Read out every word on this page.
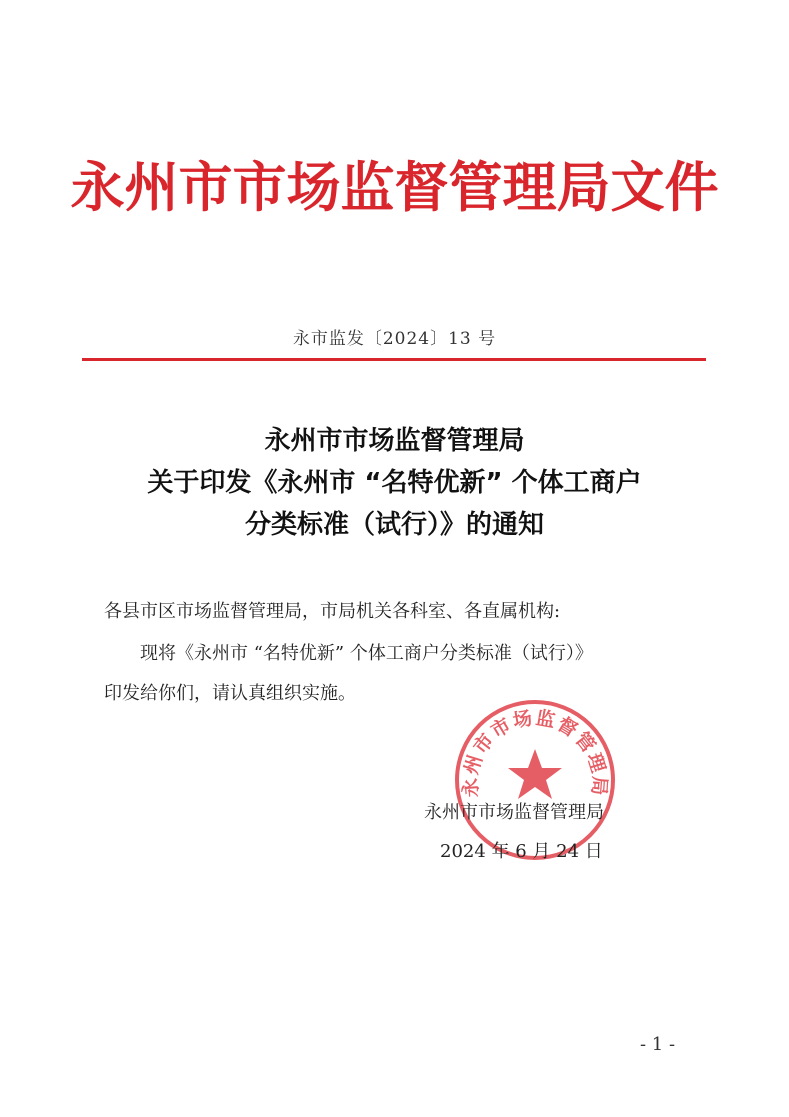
永州市市场监督管理局文件
永市监发〔2024〕13 号
永州市市场监督管理局
关于印发《永州市 “名特优新” 个体工商户
分类标准（试行）》的通知
各县市区市场监督管理局，市局机关各科室、各直属机构:
现将《永州市 “名特优新” 个体工商户分类标准（试行）》
印发给你们，请认真组织实施。
永州市市场监督管理局
永州市市场监督管理局
2024 年 6 月 24 日
- 1 -
